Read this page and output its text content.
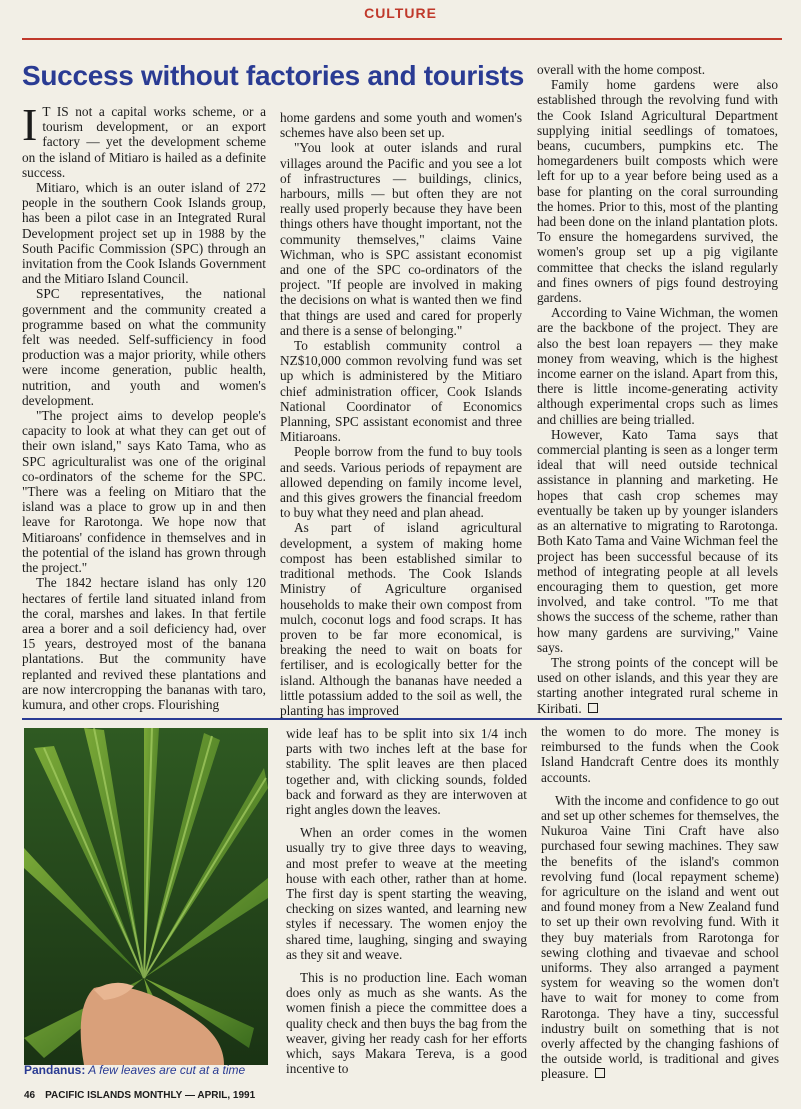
CULTURE
Success without factories and tourists

I T IS not a capital works scheme, or a tourism development, or an export factory — yet the development scheme on the island of Mitiaro is hailed as a definite success.

Mitiaro, which is an outer island of 272 people in the southern Cook Islands group, has been a pilot case in an Integrated Rural Development project set up in 1988 by the South Pacific Commission (SPC) through an invitation from the Cook Islands Government and the Mitiaro Island Council.

SPC representatives, the national government and the community created a programme based on what the community felt was needed. Self-sufficiency in food production was a major priority, while others were income generation, public health, nutrition, and youth and women's development.

"The project aims to develop people's capacity to look at what they can get out of their own island," says Kato Tama, who as SPC agriculturalist was one of the original co-ordinators of the scheme for the SPC. "There was a feeling on Mitiaro that the island was a place to grow up in and then leave for Rarotonga. We hope now that Mitiaroans' confidence in themselves and in the potential of the island has grown through the project."

The 1842 hectare island has only 120 hectares of fertile land situated inland from the coral, marshes and lakes. In that fertile area a borer and a soil deficiency had, over 15 years, destroyed most of the banana plantations. But the community have replanted and revived these plantations and are now intercropping the bananas with taro, kumura, and other crops. Flourishing

home gardens and some youth and women's schemes have also been set up.

"You look at outer islands and rural villages around the Pacific and you see a lot of infrastructures — buildings, clinics, harbours, mills — but often they are not really used properly because they have been things others have thought important, not the community themselves," claims Vaine Wichman, who is SPC assistant economist and one of the SPC co-ordinators of the project. "If people are involved in making the decisions on what is wanted then we find that things are used and cared for properly and there is a sense of belonging."

To establish community control a NZ$10,000 common revolving fund was set up which is administered by the Mitiaro chief administration officer, Cook Islands National Coordinator of Economics Planning, SPC assistant economist and three Mitiaroans.

People borrow from the fund to buy tools and seeds. Various periods of repayment are allowed depending on family income level, and this gives growers the financial freedom to buy what they need and plan ahead.

As part of island agricultural development, a system of making home compost has been established similar to traditional methods. The Cook Islands Ministry of Agriculture organised households to make their own compost from mulch, coconut logs and food scraps. It has proven to be far more economical, is breaking the need to wait on boats for fertiliser, and is ecologically better for the island. Although the bananas have needed a little potassium added to the soil as well, the planting has improved

overall with the home compost.

Family home gardens were also established through the revolving fund with the Cook Island Agricultural Department supplying initial seedlings of tomatoes, beans, cucumbers, pumpkins etc. The homegardeners built composts which were left for up to a year before being used as a base for planting on the coral surrounding the homes. Prior to this, most of the planting had been done on the inland plantation plots. To ensure the homegardens survived, the women's group set up a pig vigilante committee that checks the island regularly and fines owners of pigs found destroying gardens.

According to Vaine Wichman, the women are the backbone of the project. They are also the best loan repayers — they make money from weaving, which is the highest income earner on the island. Apart from this, there is little income-generating activity although experimental crops such as limes and chillies are being trialled.

However, Kato Tama says that commercial planting is seen as a longer term ideal that will need outside technical assistance in planning and marketing. He hopes that cash crop schemes may eventually be taken up by younger islanders as an alternative to migrating to Rarotonga. Both Kato Tama and Vaine Wichman feel the project has been successful because of its method of integrating people at all levels encouraging them to question, get more involved, and take control. "To me that shows the success of the scheme, rather than how many gardens are surviving," Vaine says.

The strong points of the concept will be used on other islands, and this year they are starting another integrated rural scheme in Kiribati.

Pandanus: A few leaves are cut at a time

wide leaf has to be split into six 1/4 inch parts with two inches left at the base for stability. The split leaves are then placed together and, with clicking sounds, folded back and forward as they are interwoven at right angles down the leaves.

When an order comes in the women usually try to give three days to weaving, and most prefer to weave at the meeting house with each other, rather than at home. The first day is spent starting the weaving, checking on sizes wanted, and learning new styles if necessary. The women enjoy the shared time, laughing, singing and swaying as they sit and weave.

This is no production line. Each woman does only as much as she wants. As the women finish a piece the committee does a quality check and then buys the bag from the weaver, giving her ready cash for her efforts which, says Makara Tereva, is a good incentive to

the women to do more. The money is reimbursed to the funds when the Cook Island Handcraft Centre does its monthly accounts.

With the income and confidence to go out and set up other schemes for themselves, the Nukuroa Vaine Tini Craft have also purchased four sewing machines. They saw the benefits of the island's common revolving fund (local repayment scheme) for agriculture on the island and went out and found money from a New Zealand fund to set up their own revolving fund. With it they buy materials from Rarotonga for sewing clothing and tivaevae and school uniforms. They also arranged a payment system for weaving so the women don't have to wait for money to come from Rarotonga. They have a tiny, successful industry built on something that is not overly affected by the changing fashions of the outside world, is traditional and gives pleasure.

46 PACIFIC ISLANDS MONTHLY — APRIL, 1991
